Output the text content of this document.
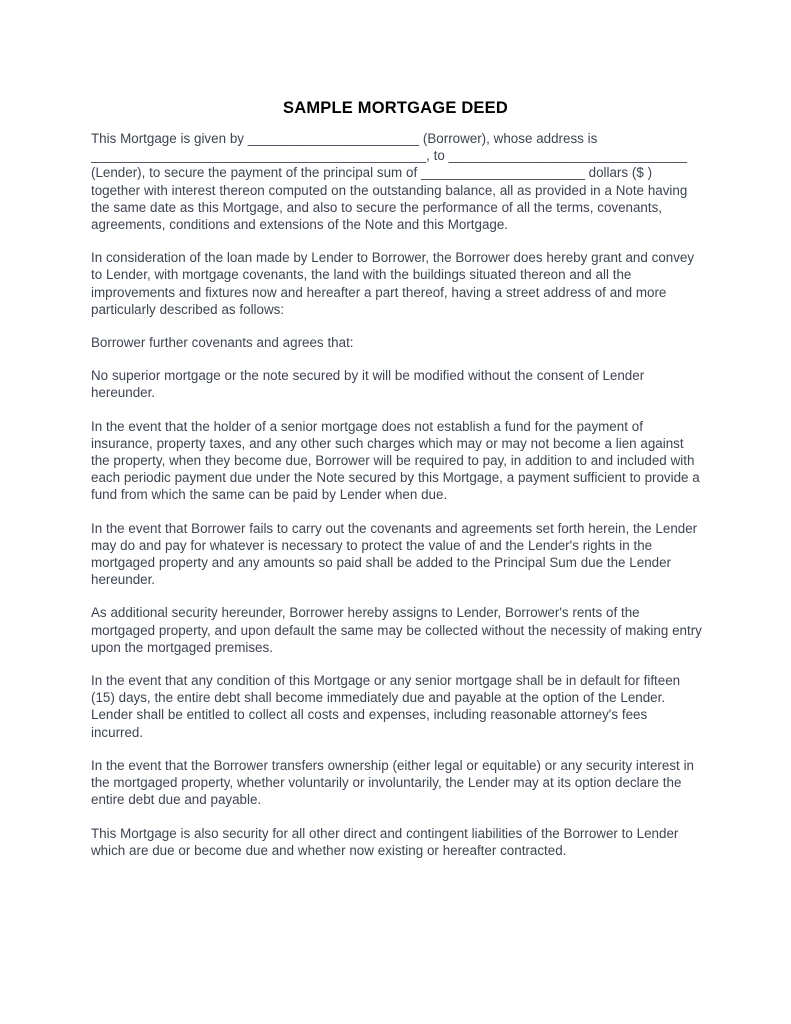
SAMPLE MORTGAGE DEED

This Mortgage is given by _______________________ (Borrower), whose address is _____________________________________________, to ________________________________ (Lender), to secure the payment of the principal sum of ______________________ dollars ($ ) together with interest thereon computed on the outstanding balance, all as provided in a Note having the same date as this Mortgage, and also to secure the performance of all the terms, covenants, agreements, conditions and extensions of the Note and this Mortgage.

In consideration of the loan made by Lender to Borrower, the Borrower does hereby grant and convey to Lender, with mortgage covenants, the land with the buildings situated thereon and all the improvements and fixtures now and hereafter a part thereof, having a street address of and more particularly described as follows:

Borrower further covenants and agrees that:

No superior mortgage or the note secured by it will be modified without the consent of Lender hereunder.

In the event that the holder of a senior mortgage does not establish a fund for the payment of insurance, property taxes, and any other such charges which may or may not become a lien against the property, when they become due, Borrower will be required to pay, in addition to and included with each periodic payment due under the Note secured by this Mortgage, a payment sufficient to provide a fund from which the same can be paid by Lender when due.

In the event that Borrower fails to carry out the covenants and agreements set forth herein, the Lender may do and pay for whatever is necessary to protect the value of and the Lender's rights in the mortgaged property and any amounts so paid shall be added to the Principal Sum due the Lender hereunder.

As additional security hereunder, Borrower hereby assigns to Lender, Borrower's rents of the mortgaged property, and upon default the same may be collected without the necessity of making entry upon the mortgaged premises.

In the event that any condition of this Mortgage or any senior mortgage shall be in default for fifteen (15) days, the entire debt shall become immediately due and payable at the option of the Lender. Lender shall be entitled to collect all costs and expenses, including reasonable attorney's fees incurred.

In the event that the Borrower transfers ownership (either legal or equitable) or any security interest in the mortgaged property, whether voluntarily or involuntarily, the Lender may at its option declare the entire debt due and payable.

This Mortgage is also security for all other direct and contingent liabilities of the Borrower to Lender which are due or become due and whether now existing or hereafter contracted.
